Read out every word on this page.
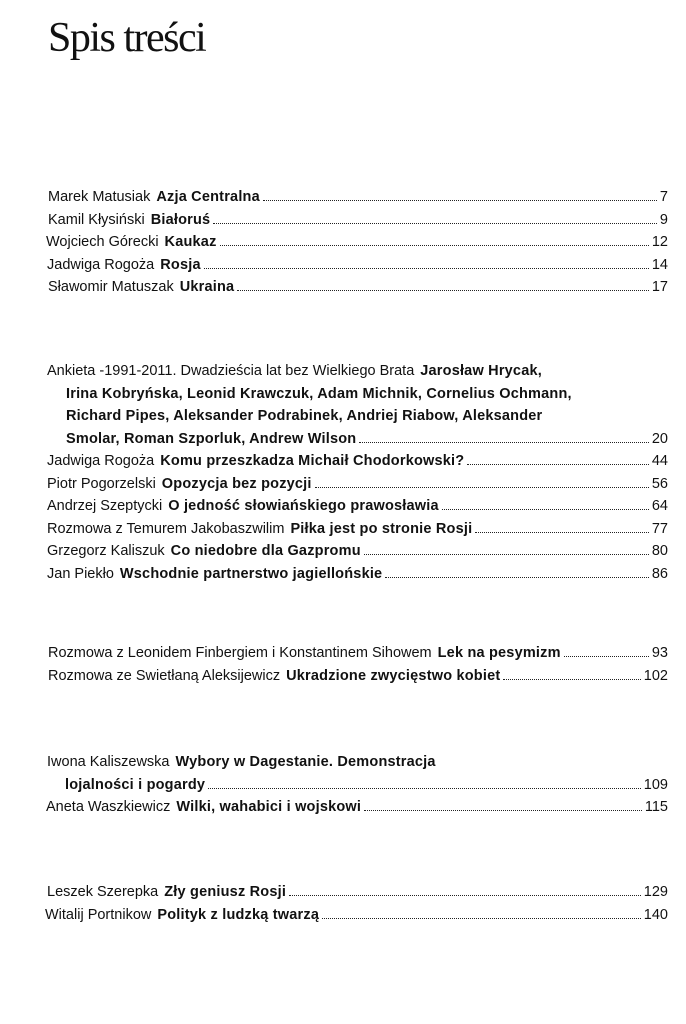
Spis treści
Marek Matusiak Azja Centralna	7
Kamil Kłysiński Białoruś	9
Wojciech Górecki Kaukaz	12
Jadwiga Rogoża Rosja	14
Sławomir Matuszak Ukraina	17
Ankieta -1991-2011. Dwadzieścia lat bez Wielkiego Brata Jarosław Hrycak,
Irina Kobryńska, Leonid Krawczuk, Adam Michnik, Cornelius Ochmann,
Richard Pipes, Aleksander Podrabinek, Andriej Riabow, Aleksander
Smolar, Roman Szporluk, Andrew Wilson	20
Jadwiga Rogoża Komu przeszkadza Michaił Chodorkowski?	44
Piotr Pogorzelski Opozycja bez pozycji	56
Andrzej Szeptycki O jedność słowiańskiego prawosławia	64
Rozmowa z Temurem Jakobaszwilim Piłka jest po stronie Rosji	77
Grzegorz Kaliszuk Co niedobre dla Gazpromu	80
Jan Piekło Wschodnie partnerstwo jagiellońskie	86
Rozmowa z Leonidem Finbergiem i Konstantinem Sihowem Lek na pesymizm	93
Rozmowa ze Swietłaną Aleksijewicz Ukradzione zwycięstwo kobiet	102
Iwona Kaliszewska Wybory w Dagestanie. Demonstracja
lojalności i pogardy	109
Aneta Waszkiewicz Wilki, wahabici i wojskowi	115
Leszek Szerepka Zły geniusz Rosji	129
Witalij Portnikow Polityk z ludzką twarzą	140
